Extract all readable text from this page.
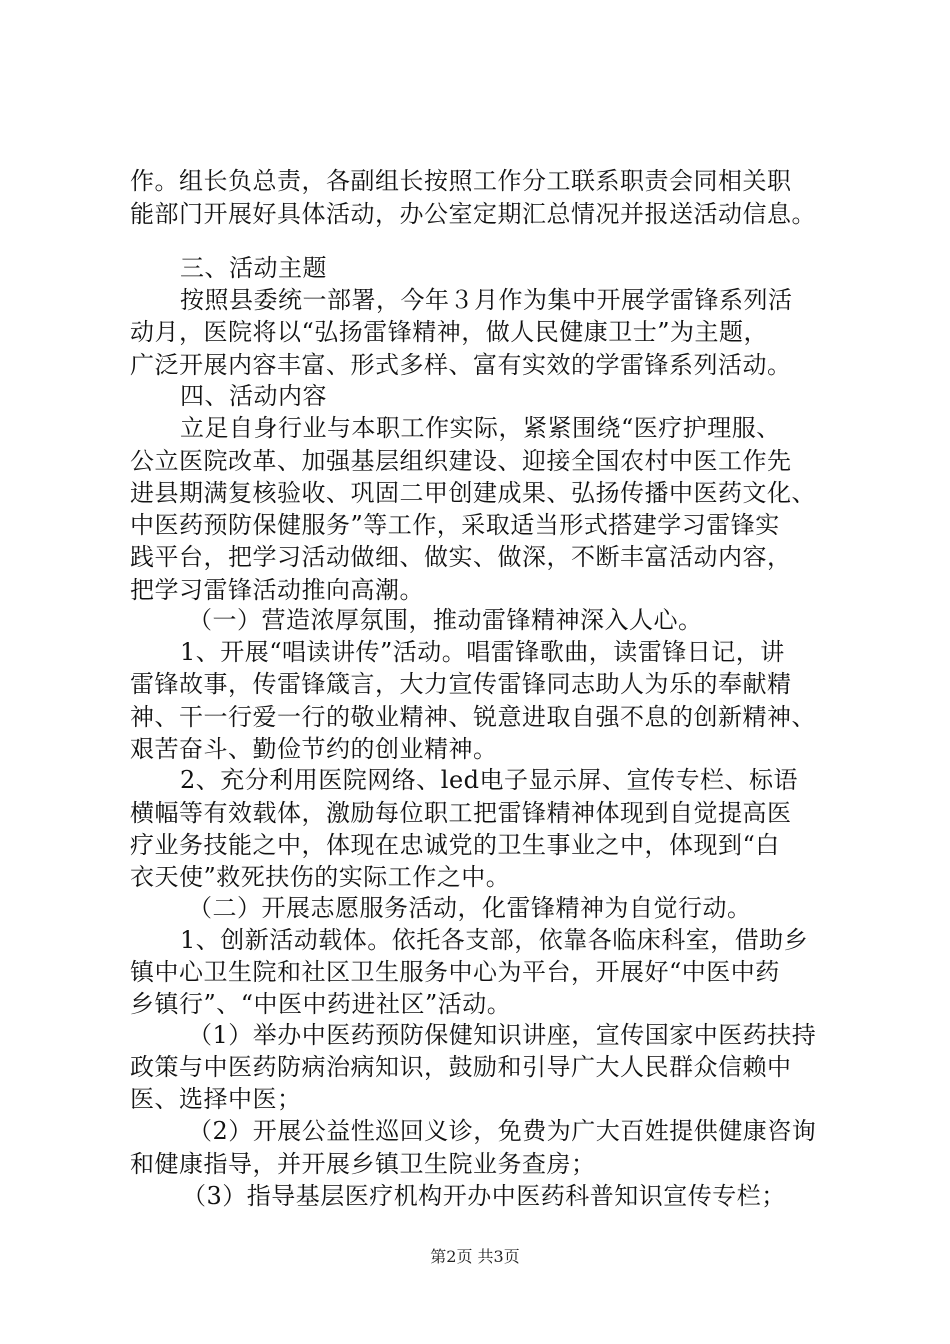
作。组长负总责，各副组长按照工作分工联系职责会同相关职
能部门开展好具体活动，办公室定期汇总情况并报送活动信息。
三、活动主题
按照县委统一部署，今年３月作为集中开展学雷锋系列活
动月，医院将以“弘扬雷锋精神，做人民健康卫士”为主题，
广泛开展内容丰富、形式多样、富有实效的学雷锋系列活动。
四、活动内容
立足自身行业与本职工作实际，紧紧围绕“医疗护理服、
公立医院改革、加强基层组织建设、迎接全国农村中医工作先
进县期满复核验收、巩固二甲创建成果、弘扬传播中医药文化、
中医药预防保健服务”等工作，采取适当形式搭建学习雷锋实
践平台，把学习活动做细、做实、做深，不断丰富活动内容，
把学习雷锋活动推向高潮。
（一）营造浓厚氛围，推动雷锋精神深入人心。
1、开展“唱读讲传”活动。唱雷锋歌曲，读雷锋日记，讲
雷锋故事，传雷锋箴言，大力宣传雷锋同志助人为乐的奉献精
神、干一行爱一行的敬业精神、锐意进取自强不息的创新精神、
艰苦奋斗、勤俭节约的创业精神。
2、充分利用医院网络、led电子显示屏、宣传专栏、标语
横幅等有效载体，激励每位职工把雷锋精神体现到自觉提高医
疗业务技能之中，体现在忠诚党的卫生事业之中，体现到“白
衣天使”救死扶伤的实际工作之中。
（二）开展志愿服务活动，化雷锋精神为自觉行动。
1、创新活动载体。依托各支部，依靠各临床科室，借助乡
镇中心卫生院和社区卫生服务中心为平台，开展好“中医中药
乡镇行”、“中医中药进社区”活动。
（1）举办中医药预防保健知识讲座，宣传国家中医药扶持
政策与中医药防病治病知识，鼓励和引导广大人民群众信赖中
医、选择中医；
（2）开展公益性巡回义诊，免费为广大百姓提供健康咨询
和健康指导，并开展乡镇卫生院业务查房；
（3）指导基层医疗机构开办中医药科普知识宣传专栏；
第2页 共3页
